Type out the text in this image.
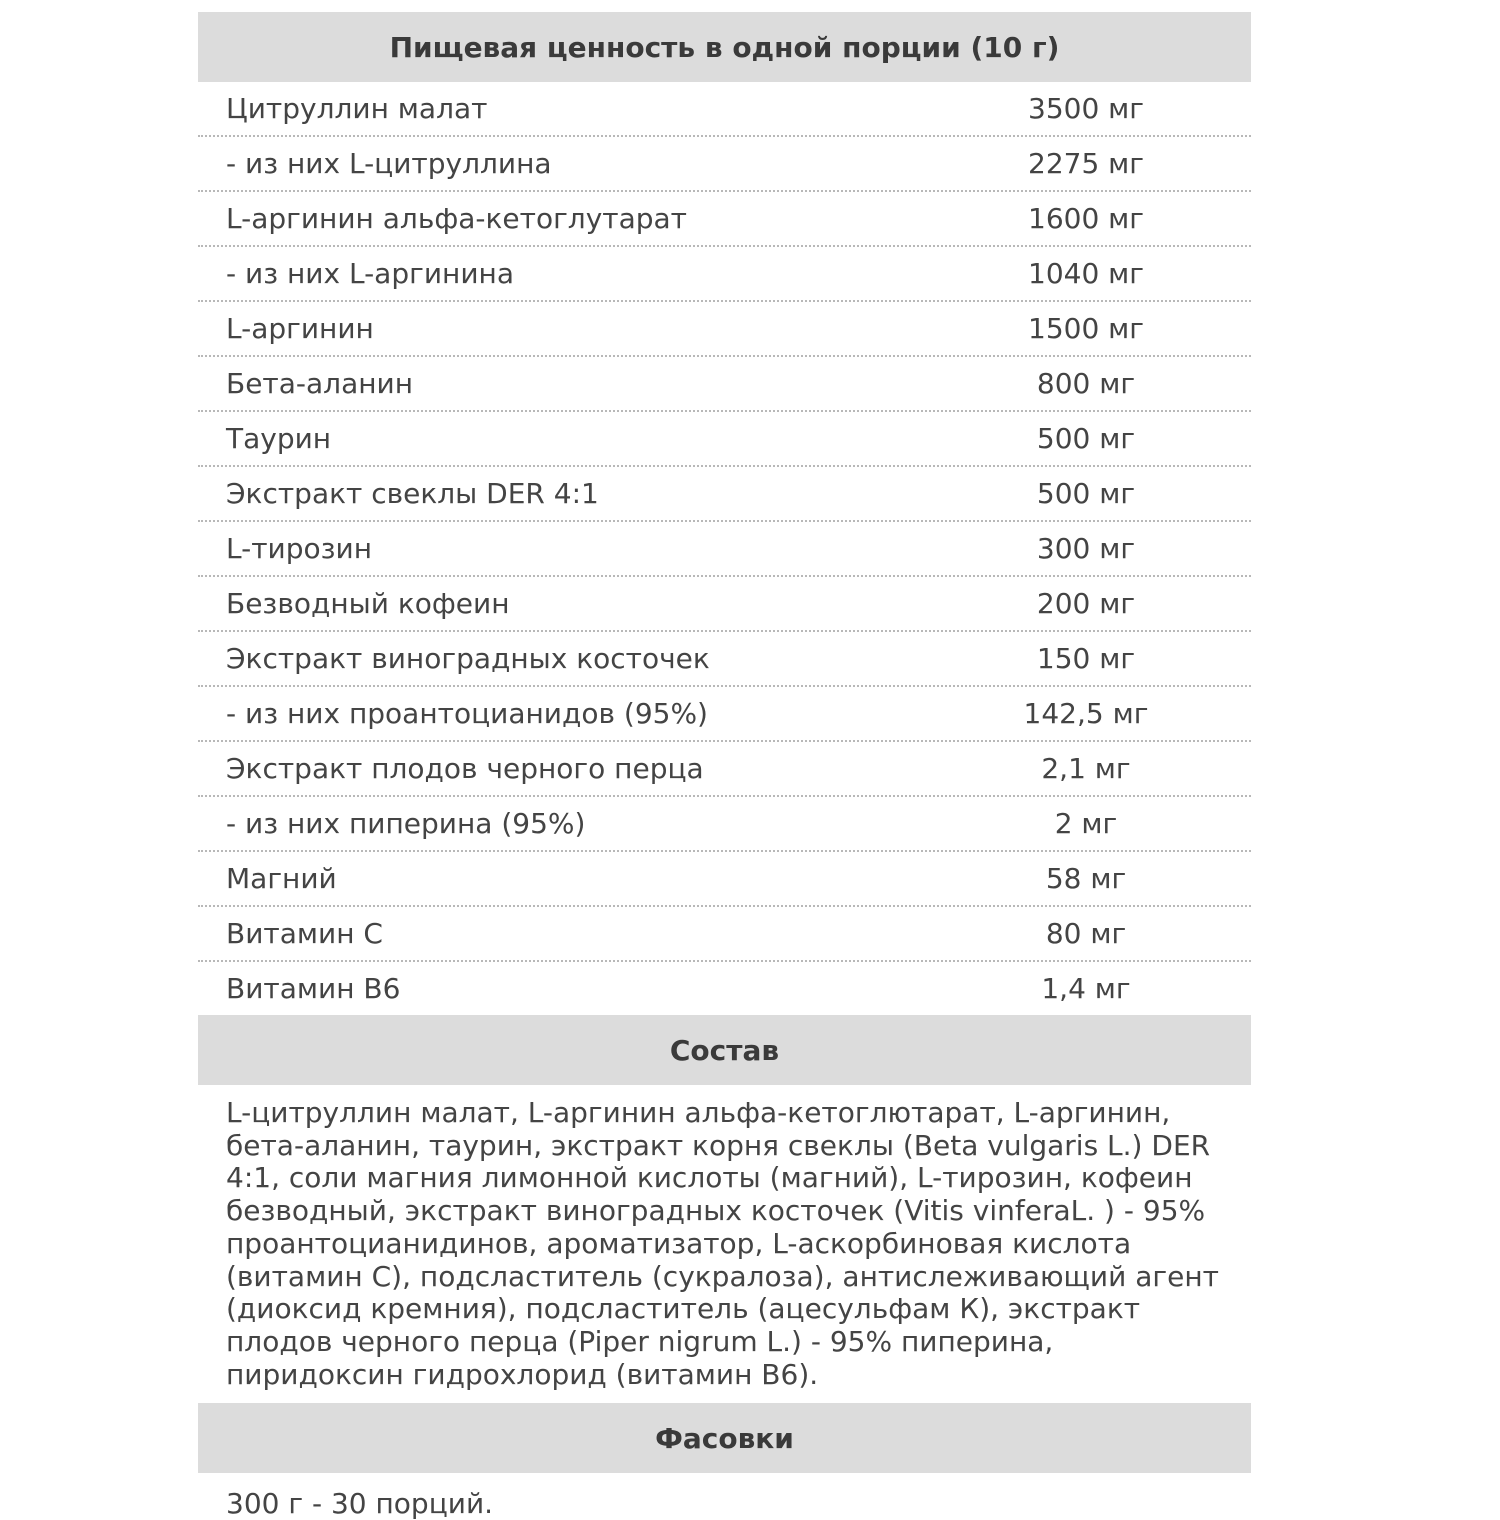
Пищевая ценность в одной порции (10 г)
Цитруллин малат	3500 мг
- из них L-цитруллина	2275 мг
L-аргинин альфа-кетоглутарат	1600 мг
- из них L-аргинина	1040 мг
L-аргинин	1500 мг
Бета-аланин	800 мг
Таурин	500 мг
Экстракт свеклы DER 4:1	500 мг
L-тирозин	300 мг
Безводный кофеин	200 мг
Экстракт виноградных косточек	150 мг
- из них проантоцианидов (95%)	142,5 мг
Экстракт плодов черного перца	2,1 мг
- из них пиперина (95%)	2 мг
Магний	58 мг
Витамин С	80 мг
Витамин В6	1,4 мг
Состав
L-цитруллин малат, L-аргинин альфа-кетоглютарат, L-аргинин, бета-аланин, таурин, экстракт корня свеклы (Beta vulgaris L.) DER 4:1, соли магния лимонной кислоты (магний), L-тирозин, кофеин безводный, экстракт виноградных косточек (Vitis vinferaL. ) - 95% проантоцианидинов, ароматизатор, L-аскорбиновая кислота (витамин С), подсластитель (сукралоза), антислеживающий агент (диоксид кремния), подсластитель (ацесульфам К), экстракт плодов черного перца (Piper nigrum L.) - 95% пиперина, пиридоксин гидрохлорид (витамин В6).
Фасовки
300 г - 30 порций.
